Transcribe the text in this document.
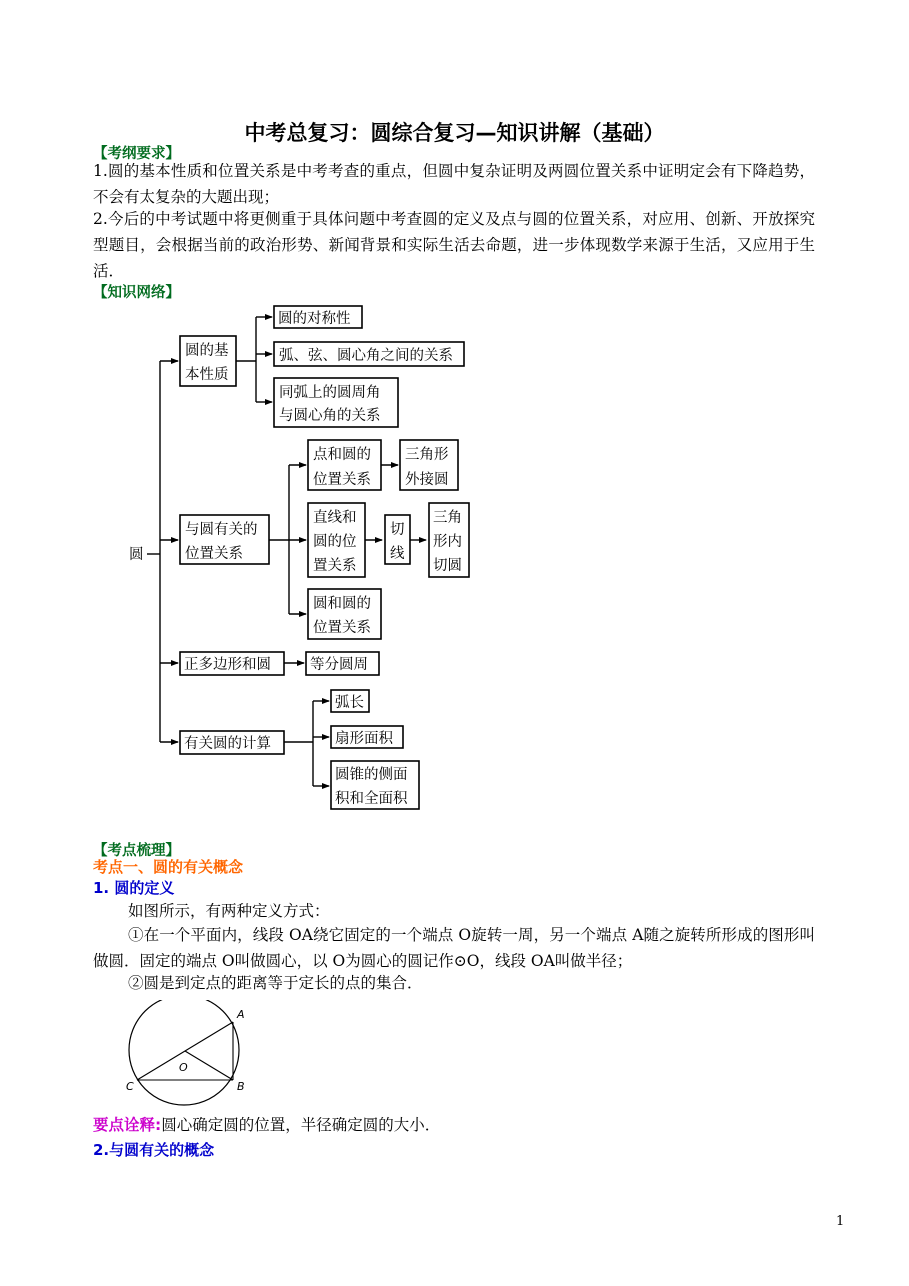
中考总复习：圆综合复习—知识讲解（基础）
【考纲要求】
1.圆的基本性质和位置关系是中考考查的重点，但圆中复杂证明及两圆位置关系中证明定会有下降趋势，不会有太复杂的大题出现；
2.今后的中考试题中将更侧重于具体问题中考查圆的定义及点与圆的位置关系，对应用、创新、开放探究型题目，会根据当前的政治形势、新闻背景和实际生活去命题，进一步体现数学来源于生活，又应用于生活．
【知识网络】
圆
圆的基
本性质
圆的对称性
弧、弦、圆心角之间的关系
同弧上的圆周角
与圆心角的关系
与圆有关的
位置关系
点和圆的
位置关系
三角形
外接圆
直线和
圆的位
置关系
切
线
三角
形内
切圆
圆和圆的
位置关系
正多边形和圆	等分圆周
有关圆的计算
弧长
扇形面积
圆锥的侧面
积和全面积
【考点梳理】
考点一、圆的有关概念
1. 圆的定义
如图所示，有两种定义方式：
①在一个平面内，线段 OA绕它固定的一个端点 O旋转一周，另一个端点 A随之旋转所形成的图形叫做圆．固定的端点 O叫做圆心，以 O为圆心的圆记作⊙O，线段 OA叫做半径；
②圆是到定点的距离等于定长的点的集合．
A
B
C
O
要点诠释:圆心确定圆的位置，半径确定圆的大小．
2.与圆有关的概念
1
